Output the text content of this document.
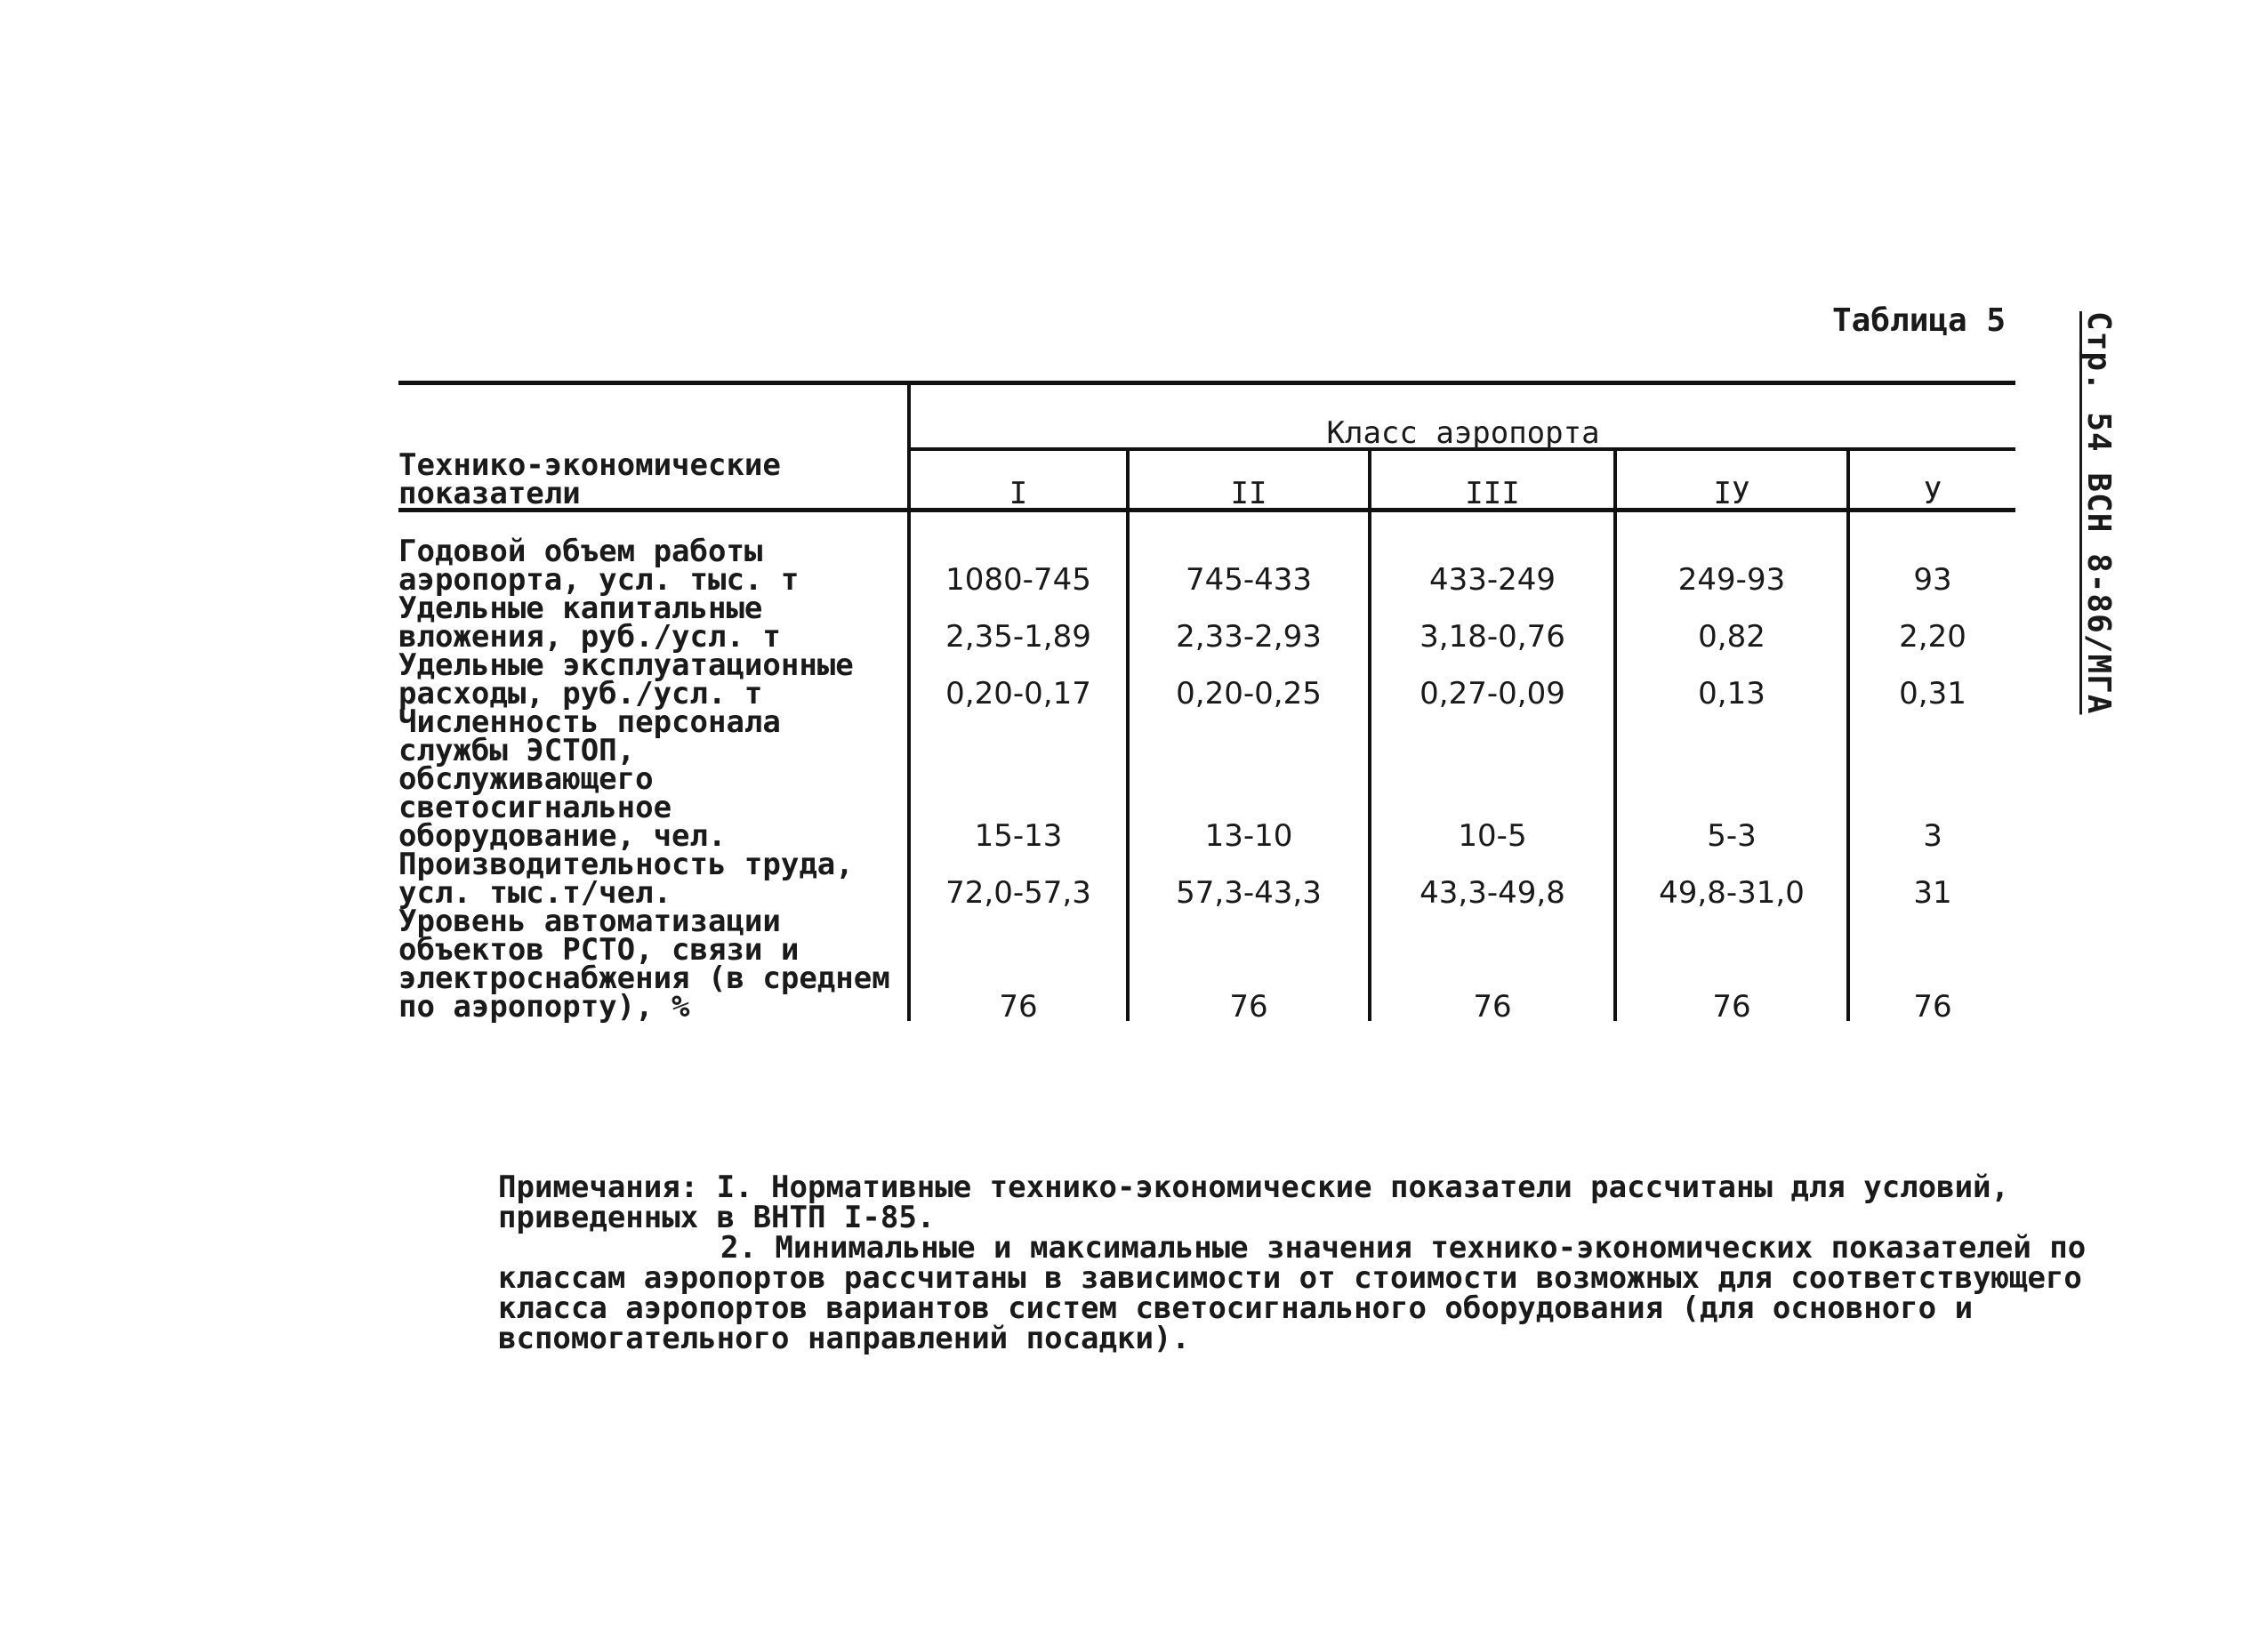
Стр. 54 ВСН 8-86/МГА
Таблица 5
Технико-экономические показатели	Класс аэропорта				
	I	II	III	IУ	У
Годовой объем работы аэропорта, усл. тыс. т	1080-745	745-433	433-249	249-93	93
Удельные капитальные вложения, руб./усл. т	2,35-1,89	2,33-2,93	3,18-0,76	0,82	2,20
Удельные эксплуатационные расходы, руб./усл. т	0,20-0,17	0,20-0,25	0,27-0,09	0,13	0,31
Численность персонала службы ЭСТОП, обслуживающего светосигнальное оборудование, чел.	15-13	13-10	10-5	5-3	3
Производительность труда, усл. тыс.т/чел.	72,0-57,3	57,3-43,3	43,3-49,8	49,8-31,0	31
Уровень автоматизации объектов РСТО, связи и электроснабжения (в среднем по аэропорту), %	76	76	76	76	76

Примечания: I. Нормативные технико-экономические показатели рассчитаны для условий, приведенных в ВНТП I-85.

2. Минимальные и максимальные значения технико-экономических показателей по классам аэропортов рассчитаны в зависимости от стоимости возможных для соответствующего класса аэропортов вариантов систем светосигнального оборудования (для основного и вспомогательного направлений посадки).
